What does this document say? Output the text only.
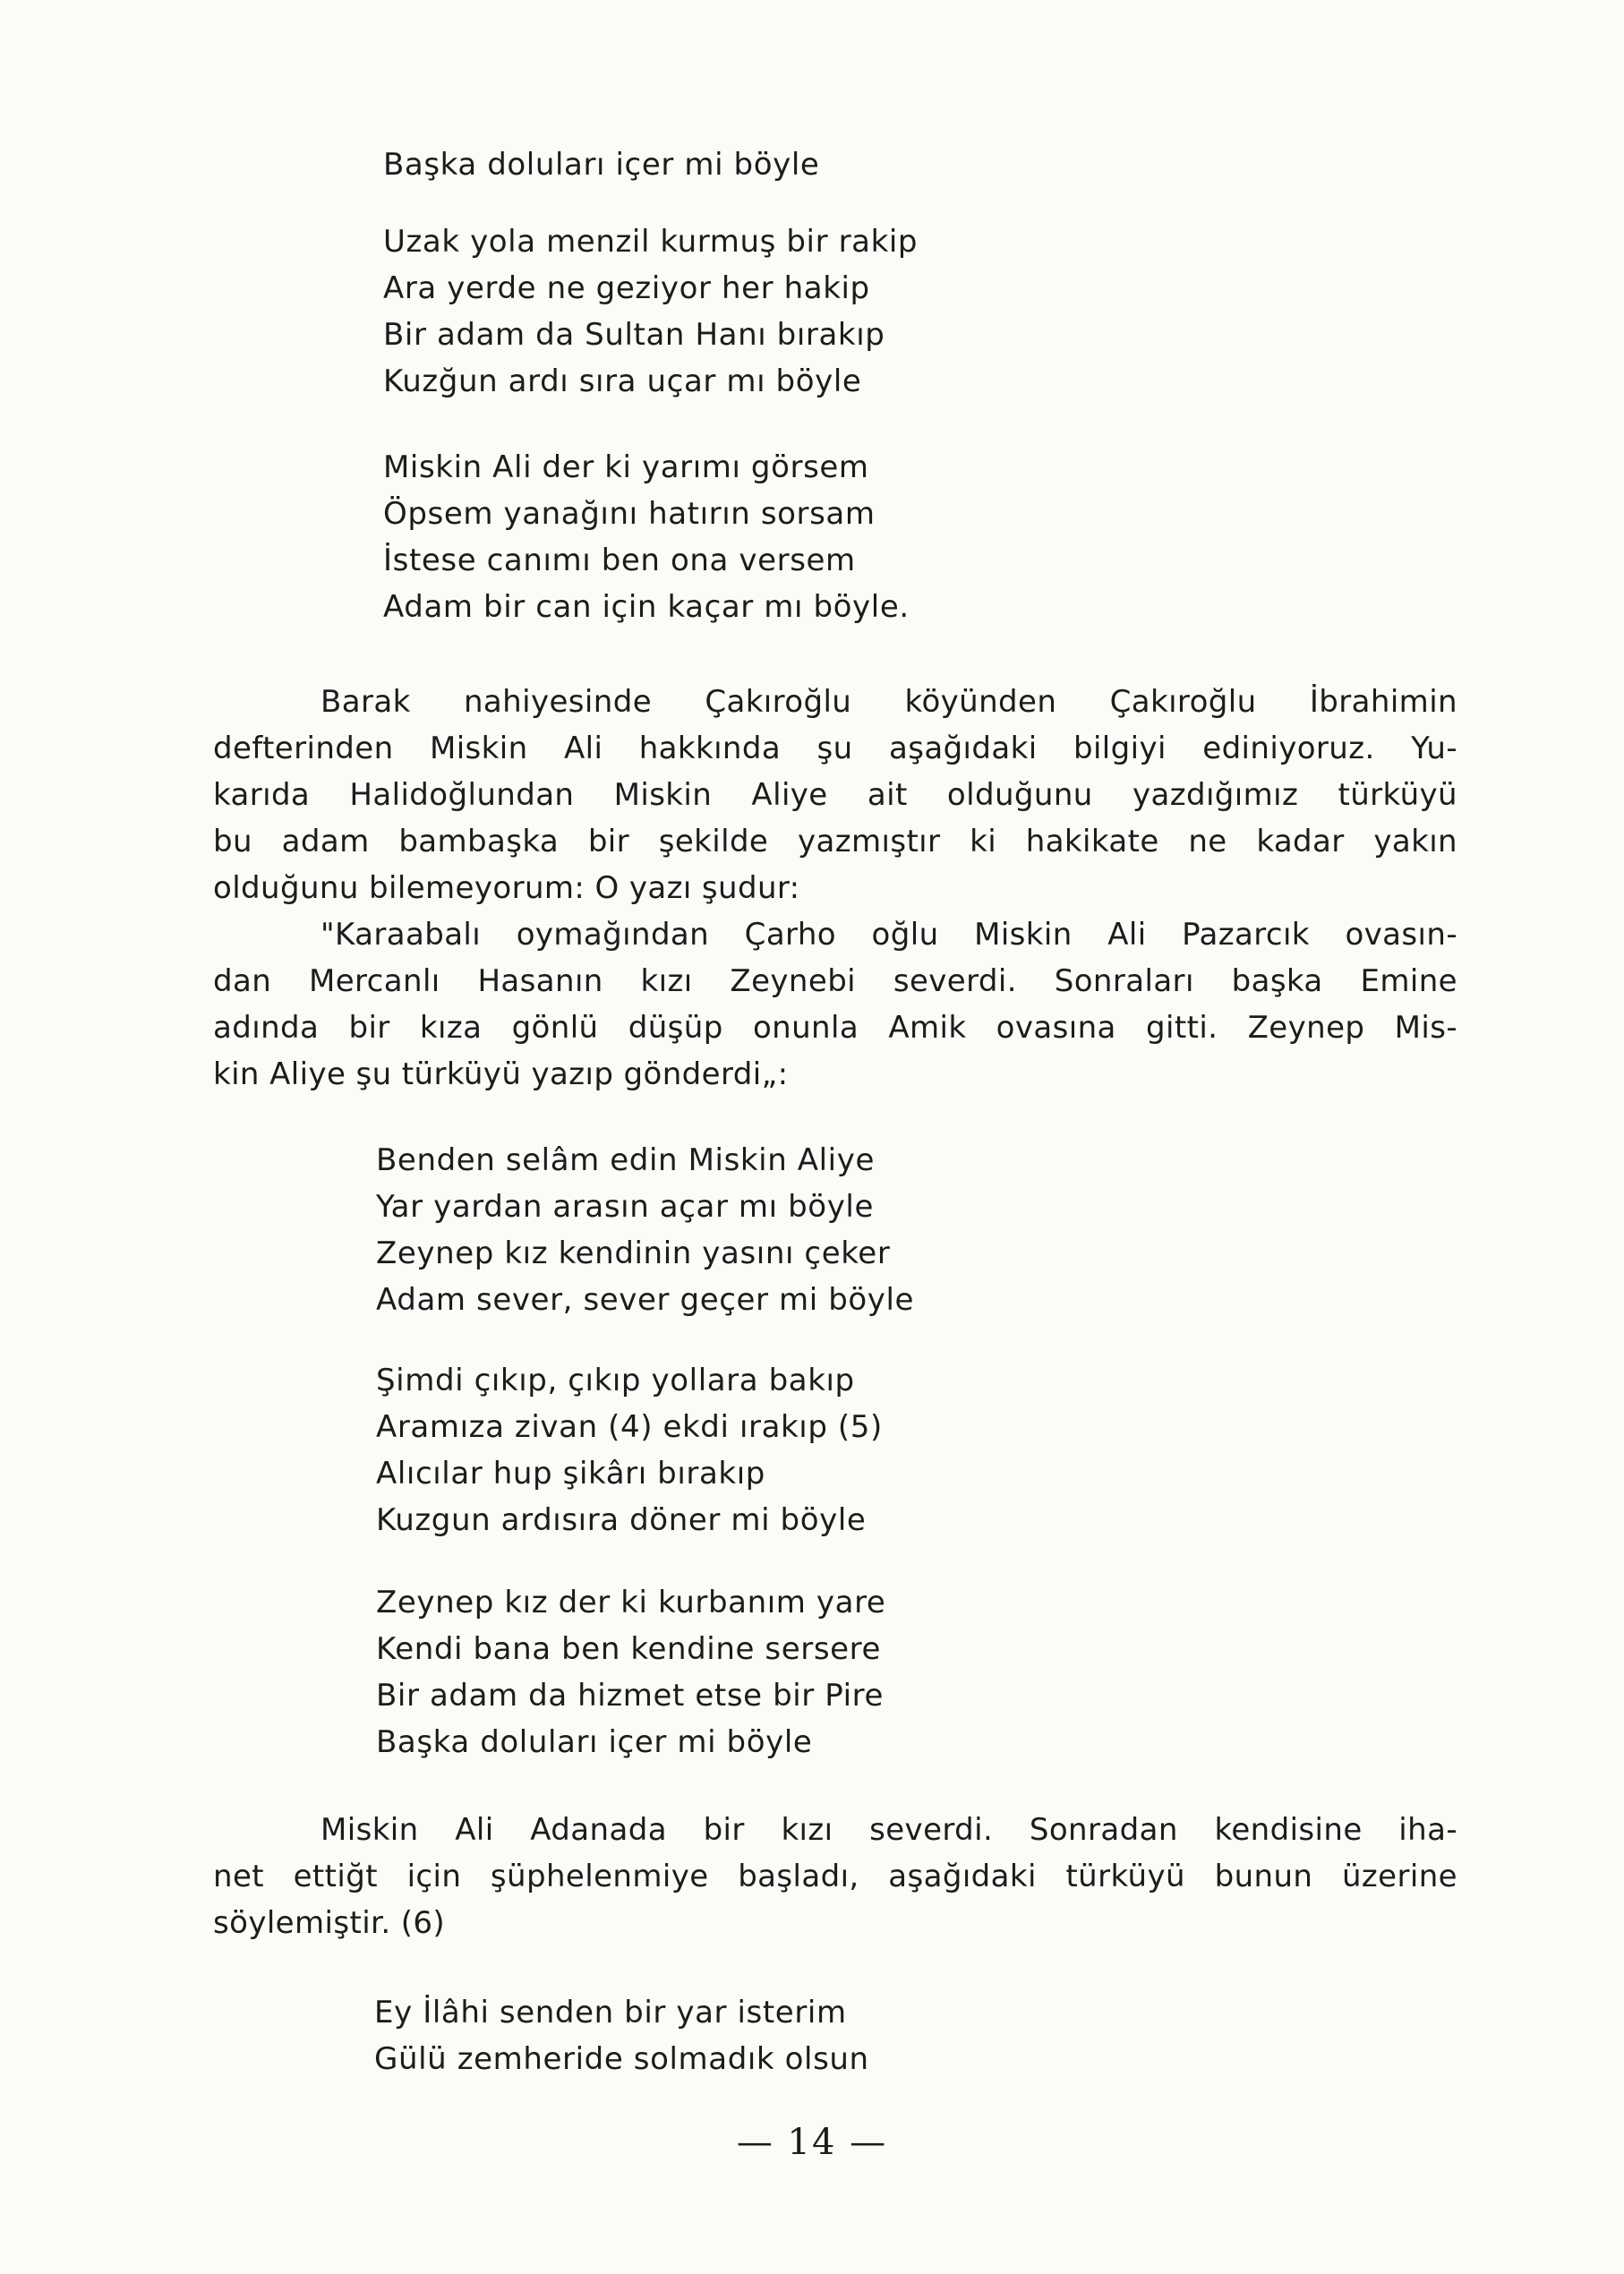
Başka doluları içer mi böyle
Uzak yola menzil kurmuş bir rakip
Ara yerde ne geziyor her hakip
Bir adam da Sultan Hanı bırakıp
Kuzğun ardı sıra uçar mı böyle
Miskin Ali der ki yarımı görsem
Öpsem yanağını hatırın sorsam
İstese canımı ben ona versem
Adam bir can için kaçar mı böyle.
Barak nahiyesinde Çakıroğlu köyünden Çakıroğlu İbrahimin
defterinden Miskin Ali hakkında şu aşağıdaki bilgiyi ediniyoruz. Yu-
karıda Halidoğlundan Miskin Aliye ait olduğunu yazdığımız türküyü
bu adam bambaşka bir şekilde yazmıştır ki hakikate ne kadar yakın
olduğunu bilemeyorum: O yazı şudur:
"Karaabalı oymağından Çarho oğlu Miskin Ali Pazarcık ovasın-
dan Mercanlı Hasanın kızı Zeynebi severdi. Sonraları başka Emine
adında bir kıza gönlü düşüp onunla Amik ovasına gitti. Zeynep Mis-
kin Aliye şu türküyü yazıp gönderdi„:
Benden selâm edin Miskin Aliye
Yar yardan arasın açar mı böyle
Zeynep kız kendinin yasını çeker
Adam sever, sever geçer mi böyle
Şimdi çıkıp, çıkıp yollara bakıp
Aramıza zivan (4) ekdi ırakıp (5)
Alıcılar hup şikârı bırakıp
Kuzgun ardısıra döner mi böyle
Zeynep kız der ki kurbanım yare
Kendi bana ben kendine sersere
Bir adam da hizmet etse bir Pire
Başka doluları içer mi böyle
Miskin Ali Adanada bir kızı severdi. Sonradan kendisine iha-
net ettiğt için şüphelenmiye başladı, aşağıdaki türküyü bunun üzerine
söylemiştir. (6)
Ey İlâhi senden bir yar isterim
Gülü zemheride solmadık olsun
— 14 —
